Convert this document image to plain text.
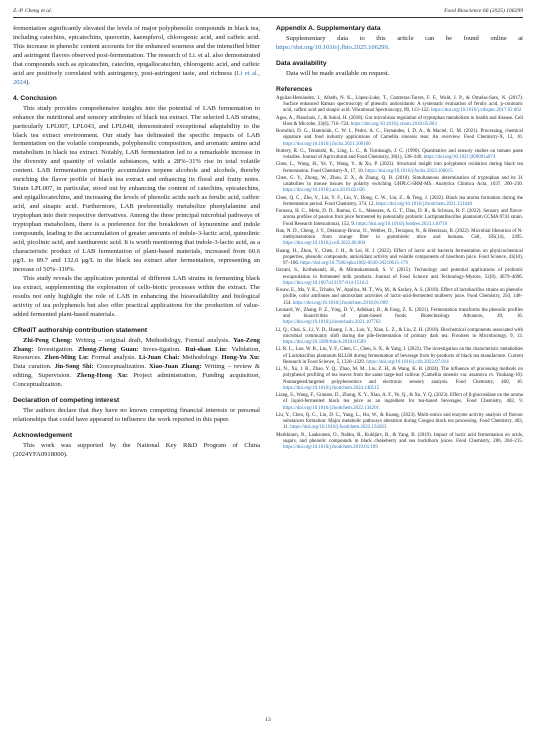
Z.-P. Cheng et al.	Food Bioscience 66 (2025) 106299

fermentation significantly elevated the levels of major polyphenolic compounds in black tea, including catechins, epicatechins, quercetin, kaempferol, chlorogenic acid, and caffeic acid. This increase in phenolic content accounts for the enhanced sourness and the intensified bitter and astringent flavors observed post-fermentation. The research of Li. et al. also demonstrated that compounds such as epicatechin, catechin, epigallocatechin, chlorogenic acid, and caffeic acid are positively correlated with astringency, post-astringent taste, and richness (Li et al., 2024).

4. Conclusion

This study provides comprehensive insights into the potential of LAB fermentation to enhance the nutritional and sensory attributes of black tea extract. The selected LAB strains, particularly LPL007, LPL043, and LPL048, demonstrated exceptional adaptability to the black tea extract environment. Our study has delineated the specific impacts of LAB fermentation on the volatile compounds, polyphenolic composition, and aromatic amino acid metabolism in black tea extract. Notably, LAB fermentation led to a remarkable increase in the diversity and quantity of volatile substances, with a 28%–31% rise in total volatile content. LAB fermentation primarily accumulates terpene alcohols and alcohols, thereby enriching the flavor profile of black tea extract and enhancing its floral and fruity notes. Strain LPL007, in particular, stood out by enhancing the content of catechins, epicatechins, and epigallocatechins, and increasing the levels of phenolic acids such as ferulic acid, caffeic acid, and sinapic acid. Furthermore, LAB preferentially metabolize phenylalanine and tryptophan into their respective derivatives. Among the three principal microbial pathways of tryptophan metabolism, there is a preference for the breakdown of kynurenine and indole compounds, leading to the accumulation of greater amounts of indole-3-lactic acid, quinolinic acid, picolinic acid, and xanthurenic acid. It is worth mentioning that indole-3-lactic acid, as a characteristic product of LAB fermentation of plant-based materials, increased from 60.6 μg/L to 89.7 and 132.6 μg/L in the black tea extract after fermentation, representing an increase of 50%–119%.

This study reveals the application potential of different LAB strains in fermenting black tea extract, supplementing the exploration of cello-biotic processes within the extract. The results not only highlight the role of LAB in enhancing the bioavailability and biological activity of tea polyphenols but also offer practical applications for the production of value-added fermented plant-based materials.

CRediT authorship contribution statement

Zhi-Peng Cheng: Writing – original draft, Methodology, Formal analysis. Yao-Zeng Zhang: Investigation. Zhong-Zheng Guan: Inves-tigation. Rui-shan Liu: Validation, Resources. Zhen-Ming Lu: Formal analysis. Li-Juan Chai: Methodology. Hong-Yu Xu: Data curation. Jin-Song Shi: Conceptualization. Xiao-Juan Zhang: Writing – review & editing, Supervision. Zheng-Hong Xu: Project administration, Funding acquisition, Conceptualization.

Declaration of competing interest

The authors declare that they have no known competing financial interests or personal relationships that could have appeared to influence the work reported in this paper.

Acknowledgement

This work was supported by the National Key R&D Program of China (2024YFA0918000).

Appendix A. Supplementary data

Supplementary data to this article can be found online at https://doi.org/10.1016/j.fbio.2025.106299.

Data availability

Data will be made available on request.

References
Aguilar-Hernández, I., Afseth, N. K., López-Luke, T., Contreras-Torres, F. F., Wold, J. P., & Ornelas-Soto, N. (2017). Surface enhanced Raman spectroscopy of phenolic antioxidants: A systematic evaluation of ferulic acid, p-coumaric acid, caffeic acid and sinapic acid. Vibrational Spectroscopy, 89, 113–122. https://doi.org/10.1016/j.vibspec.2017.02.002
Agus, A., Planchais, J., & Sokol, H. (2018). Gut microbiota regulation of tryptophan metabolism in health and disease. Cell Host & Microbe, 23(6), 716–724. https://doi.org/10.1016/j.chom.2018.05.003
Bortolini, D. G., Haminiuk, C. W. I., Pedro, A. C., Fernandes, I. D. A., & Maciel, G. M. (2021). Processing, chemical signature and food industry applications of Camellia sinensis teas: An overview. Food Chemistry-X, 12, 10. https://doi.org/10.1016/j.fochx.2021.100160
Buttery, R. G., Teranishi, R., Ling, L. C., & Turnbaugh, J. G. (1990). Quantitative and sensory studies on tomato paste volatiles. Journal of Agricultural and Food Chemistry, 38(1), 336–340. https://doi.org/10.1021/jf00091a074
Chen, L., Wang, H., Ye, Y., Wang, Y., & Xu, P. (2023). Structural insight into polyphenol oxidation during black tea fermentation. Food Chemistry-X, 17, 10. https://doi.org/10.1016/j.fochx.2023.100615
Chen, G. Y., Zhong, W., Zhou, Z. X., & Zhang, Q. B. (2018). Simultaneous determination of tryptophan and its 31 catabolites in mouse tissues by polarity switching UHPLC-SRM-MS. Analytica Chimica Acta, 1037, 200–210. https://doi.org/10.1016/j.aca.2018.02.026
Chen, Q. C., Zhu, Y., Liu, Y. F., Liu, Y., Dong, C. W., Lin, Z., & Teng, J. (2022). Black tea aroma formation during the fermentation period. Food Chemistry, 374, 12. https://doi.org/10.1016/j.foodchem.2021.131640
Fonseca, H. C., Melo, D. D., Ramos, C. L., Menezes, A. G. T., Dias, D. R., & Schwan, R. F. (2022). Sensory and flavor-aroma profiles of passion fruit juice fermented by potentially probiotic Lactiplantibacillus plantarum CCMA 0743 strain. Food Research International, 152, 9. https://doi.org/10.1016/j.foodres.2021.110710
Han, N. D., Cheng, J. Y., Delannoy-Bruno, O., Webber, D., Terrapon, N., & Henrissat, B. (2022). Microbial liberation of N-methylserotonin from orange fiber in gnotobiotic mice and humans. Cell, 185(14), 2495. https://doi.org/10.1016/j.cell.2022.06.004
Huang, H., Zhou, Y., Chen, J. H., & Lei, H. J. (2022). Effect of lactic acid bacteria fermentation on physicochemical properties, phenolic compounds, antioxidant activity and volatile components of hawthorn juice. Food Science, 43(10), 97–106. https://doi.org/10.7506/spkx1002-6630-20210615-179
Iravani, S., Korbekandi, H., & Mirmohammadi, S. V. (2015). Technology and potential applications of probiotic encapsulation in fermented milk products. Journal of Food Science and Technology-Mysore, 52(8), 4679–4696. https://doi.org/10.1007/s13197-014-1516-2
Kwaw, E., Ma, Y. K., Tchabo, W., Apaliya, M. T., Wu, M., & Sackey, A. S. (2018). Effect of lactobacillus strains on phenolic profile, color attributes and antioxidant activities of lactic-acid-fermented mulberry juice. Food Chemistry, 250, 148–154. https://doi.org/10.1016/j.foodchem.2018.01.009
Leonard, W., Zhang, P. Z., Ying, D. Y., Adhikari, B., & Fang, Z. X. (2021). Fermentation transforms the phenolic profiles and bioactivities of plant-based foods. Biotechnology Advances, 49, 16. https://doi.org/10.1016/j.biotechadv.2021.107763
Li, Q., Chai, S., Li, Y. D., Huang, J. A., Luo, Y., Xiao, L. Z., & Liu, Z. H. (2018). Biochemical components associated with microbial community shift during the pile-fermentation of primary dark tea. Frontiers in Microbiology, 9, 13. https://doi.org/10.3389/fmicb.2018.01509
Li, R. L., Luo, W. B., Liu, Y. F., Chen, C., Chen, S. X., & Yang, J. (2022). The investigation on the characteristic metabolites of Lactobacillus plantarum RLL68 during fermentation of beverage from by-products of black tea manufacture. Current Research in Food Science, 5, 1320–1329. https://doi.org/10.1016/j.crfs.2022.07.014
Li, N., Xu, J. R., Zhao, Y. Q., Zhao, M. M., Liu, Z. H., & Wang, K. B. (2024). The influence of processing methods on polyphenol profiling of tea leaves from the same large-leaf cultivar (Camellia sinensis var. assamica cv. Yunkang-10): Nontargeted/targeted polyphenomics and electronic sensory analysis. Food Chemistry, 460, 16. https://doi.org/10.1016/j.foodchem.2024.140515
Liang, S., Wang, F., Granato, D., Zhong, X. Y., Xiao, A. F., Ye, Q., & Xu, Y. Q. (2023). Effect of β-glucosidase on the aroma of liquid-fermented black tea juice as an ingredient for tea-based beverages. Food Chemistry, 402, 9. https://doi.org/10.1016/j.foodchem.2022.134201
Liu, Y., Chen, Q. C., Liu, D. C., Yang, L., Hu, W., & Kuang, (2023). Multi-omics and enzyme activity analysis of flavour substances formation: Major metabolic pathways alteration during Congou black tea processing. Food Chemistry, 403, 11. https://doi.org/10.1016/j.foodchem.2022.134263
Markkinen, N., Laaksonen, O., Nahku, R., Kuldjärv, R., & Yang, B. (2019). Impact of lactic acid fermentation on acids, sugars, and phenolic compounds in black chokeberry and sea buckthorn juices. Food Chemistry, 286, 204–215. https://doi.org/10.1016/j.foodchem.2019.01.189
13
